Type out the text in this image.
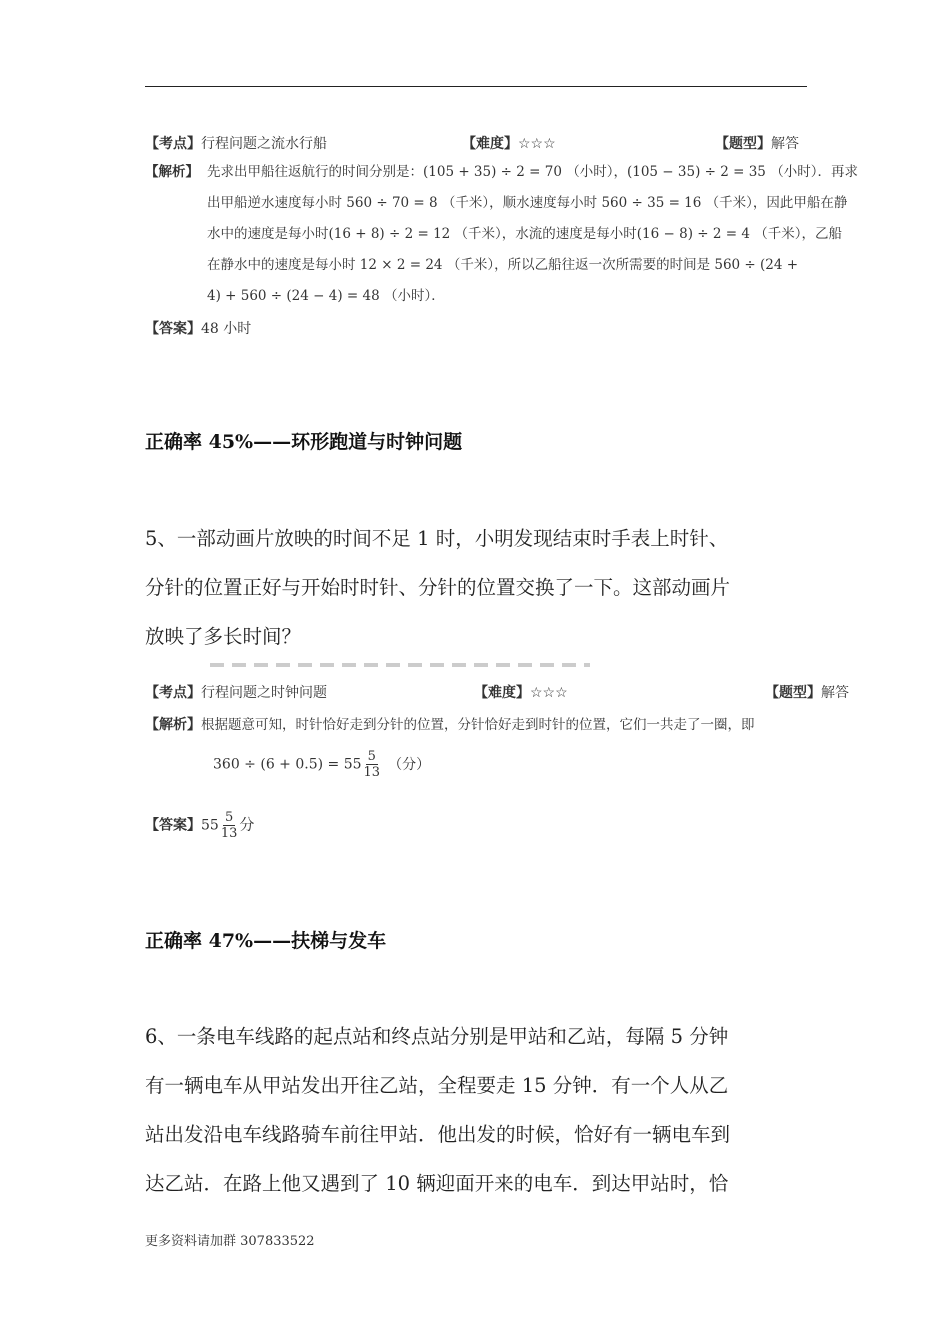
【考点】行程问题之流水行船	【难度】☆☆☆	【题型】解答
【解析】 先求出甲船往返航行的时间分别是：(105 + 35) ÷ 2 = 70 （小时），(105 − 35) ÷ 2 = 35 （小时）．再求
出甲船逆水速度每小时 560 ÷ 70 = 8 （千米），顺水速度每小时 560 ÷ 35 = 16 （千米），因此甲船在静
水中的速度是每小时(16 + 8) ÷ 2 = 12 （千米），水流的速度是每小时(16 − 8) ÷ 2 = 4 （千米），乙船
在静水中的速度是每小时 12 × 2 = 24 （千米），所以乙船往返一次所需要的时间是 560 ÷ (24 +
4) + 560 ÷ (24 − 4) = 48 （小时）．
【答案】48 小时
正确率 45%——环形跑道与时钟问题
5、一部动画片放映的时间不足 1 时，小明发现结束时手表上时针、
分针的位置正好与开始时时针、分针的位置交换了一下。这部动画片
放映了多长时间？
【考点】行程问题之时钟问题	【难度】☆☆☆	【题型】解答
【解析】根据题意可知，时针恰好走到分针的位置，分针恰好走到时针的位置，它们一共走了一圈，即
$360 \div (6 + 0.5) = 55 \frac{5}{13}$ （分）
【答案】$55 \frac{5}{13}$ 分
正确率 47%——扶梯与发车
6、一条电车线路的起点站和终点站分别是甲站和乙站，每隔 5 分钟
有一辆电车从甲站发出开往乙站，全程要走 15 分钟．有一个人从乙
站出发沿电车线路骑车前往甲站．他出发的时候，恰好有一辆电车到
达乙站．在路上他又遇到了 10 辆迎面开来的电车．到达甲站时，恰
更多资料请加群 307833522
